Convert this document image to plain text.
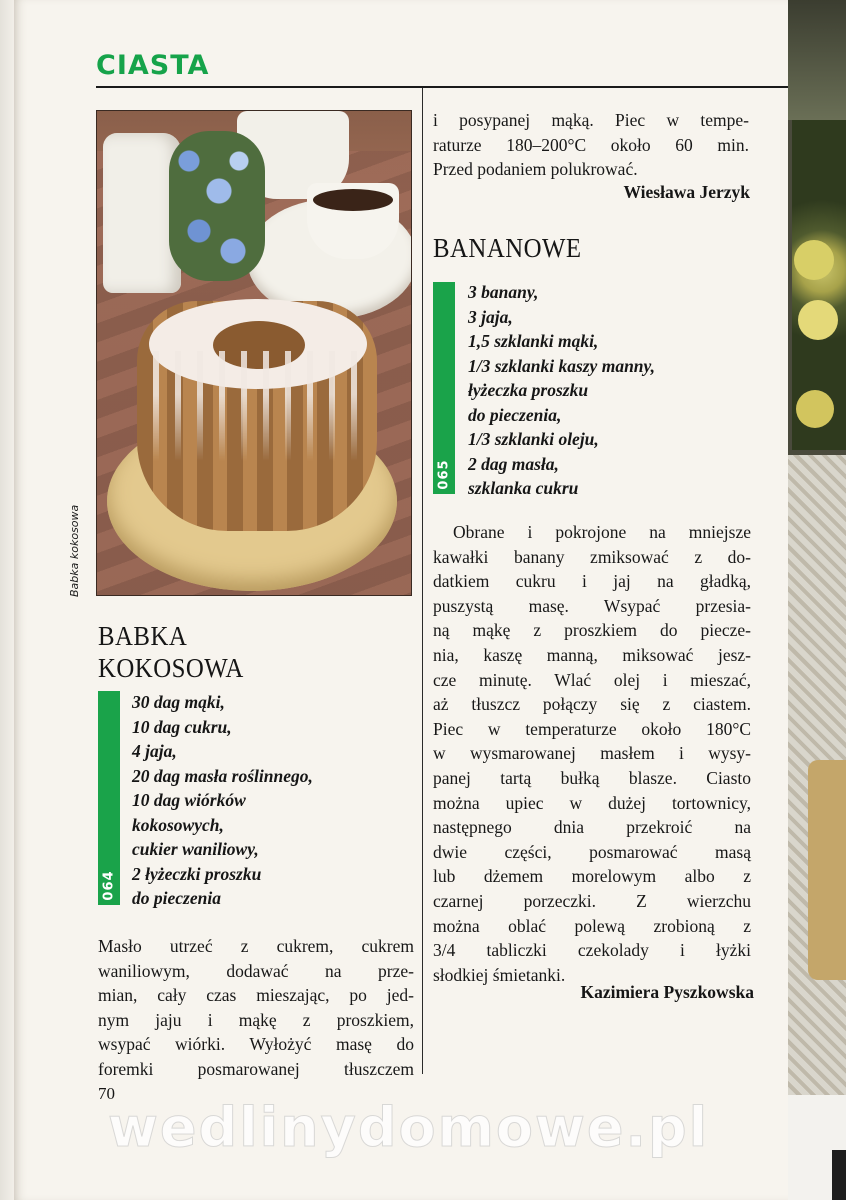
CIASTA
Babka kokosowa
BABKA
KOKOSOWA
064
30 dag mąki,
10 dag cukru,
4 jaja,
20 dag masła roślinnego,
10 dag wiórków
kokosowych,
cukier waniliowy,
2 łyżeczki proszku
do pieczenia
Masło utrzeć z cukrem, cukrem
waniliowym, dodawać na prze-
mian, cały czas mieszając, po jed-
nym jaju i mąkę z proszkiem,
wsypać wiórki. Wyłożyć masę do
foremki posmarowanej tłuszczem
i posypanej mąką. Piec w tempe-
raturze 180–200°C około 60 min.
Przed podaniem polukrować.
Wiesława Jerzyk
BANANOWE
065
3 banany,
3 jaja,
1,5 szklanki mąki,
1/3 szklanki kaszy manny,
łyżeczka proszku
do pieczenia,
1/3 szklanki oleju,
2 dag masła,
szklanka cukru
Obrane i pokrojone na mniejsze
kawałki banany zmiksować z do-
datkiem cukru i jaj na gładką,
puszystą masę. Wsypać przesia-
ną mąkę z proszkiem do piecze-
nia, kaszę manną, miksować jesz-
cze minutę. Wlać olej i mieszać,
aż tłuszcz połączy się z ciastem.
Piec w temperaturze około 180°C
w wysmarowanej masłem i wysy-
panej tartą bułką blasze. Ciasto
można upiec w dużej tortownicy,
następnego dnia przekroić na
dwie części, posmarować masą
lub dżemem morelowym albo z
czarnej porzeczki. Z wierzchu
można oblać polewą zrobioną z
3/4 tabliczki czekolady i łyżki
słodkiej śmietanki.
Kazimiera Pyszkowska
70
wedlinydomowe.pl
